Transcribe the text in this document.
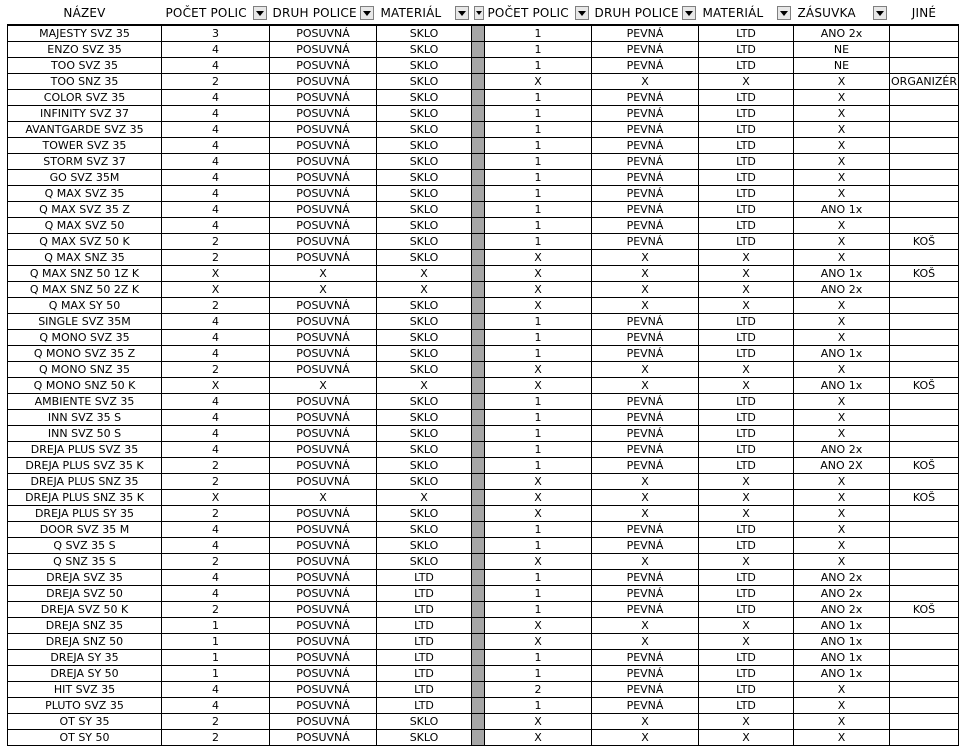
NÁZEV	POČET POLIC	DRUH POLICE	MATERIÁL		POČET POLIC	DRUH POLICE	MATERIÁL	ZÁSUVKA	JINÉ
MAJESTY SVZ 35	3	POSUVNÁ	SKLO		1	PEVNÁ	LTD	ANO 2x	
ENZO SVZ 35	4	POSUVNÁ	SKLO		1	PEVNÁ	LTD	NE	
TOO SVZ 35	4	POSUVNÁ	SKLO		1	PEVNÁ	LTD	NE	
TOO SNZ 35	2	POSUVNÁ	SKLO		X	X	X	X	ORGANIZÉR
COLOR SVZ 35	4	POSUVNÁ	SKLO		1	PEVNÁ	LTD	X	
INFINITY SVZ 37	4	POSUVNÁ	SKLO		1	PEVNÁ	LTD	X	
AVANTGARDE SVZ 35	4	POSUVNÁ	SKLO		1	PEVNÁ	LTD	X	
TOWER SVZ 35	4	POSUVNÁ	SKLO		1	PEVNÁ	LTD	X	
STORM SVZ 37	4	POSUVNÁ	SKLO		1	PEVNÁ	LTD	X	
GO SVZ 35M	4	POSUVNÁ	SKLO		1	PEVNÁ	LTD	X	
Q MAX SVZ 35	4	POSUVNÁ	SKLO		1	PEVNÁ	LTD	X	
Q MAX SVZ 35 Z	4	POSUVNÁ	SKLO		1	PEVNÁ	LTD	ANO 1x	
Q MAX SVZ 50	4	POSUVNÁ	SKLO		1	PEVNÁ	LTD	X	
Q MAX SVZ 50 K	2	POSUVNÁ	SKLO		1	PEVNÁ	LTD	X	KOŠ
Q MAX SNZ 35	2	POSUVNÁ	SKLO		X	X	X	X	
Q MAX SNZ 50 1Z K	X	X	X		X	X	X	ANO 1x	KOŠ
Q MAX SNZ 50 2Z K	X	X	X		X	X	X	ANO 2x	
Q MAX SY 50	2	POSUVNÁ	SKLO		X	X	X	X	
SINGLE SVZ 35M	4	POSUVNÁ	SKLO		1	PEVNÁ	LTD	X	
Q MONO SVZ 35	4	POSUVNÁ	SKLO		1	PEVNÁ	LTD	X	
Q MONO SVZ 35 Z	4	POSUVNÁ	SKLO		1	PEVNÁ	LTD	ANO 1x	
Q MONO SNZ 35	2	POSUVNÁ	SKLO		X	X	X	X	
Q MONO SNZ 50 K	X	X	X		X	X	X	ANO 1x	KOŠ
AMBIENTE SVZ 35	4	POSUVNÁ	SKLO		1	PEVNÁ	LTD	X	
INN SVZ 35 S	4	POSUVNÁ	SKLO		1	PEVNÁ	LTD	X	
INN SVZ 50 S	4	POSUVNÁ	SKLO		1	PEVNÁ	LTD	X	
DREJA PLUS SVZ 35	4	POSUVNÁ	SKLO		1	PEVNÁ	LTD	ANO 2x	
DREJA PLUS SVZ 35 K	2	POSUVNÁ	SKLO		1	PEVNÁ	LTD	ANO 2X	KOŠ
DREJA PLUS SNZ 35	2	POSUVNÁ	SKLO		X	X	X	X	
DREJA PLUS SNZ 35 K	X	X	X		X	X	X	X	KOŠ
DREJA PLUS SY 35	2	POSUVNÁ	SKLO		X	X	X	X	
DOOR SVZ 35 M	4	POSUVNÁ	SKLO		1	PEVNÁ	LTD	X	
Q SVZ 35 S	4	POSUVNÁ	SKLO		1	PEVNÁ	LTD	X	
Q SNZ 35 S	2	POSUVNÁ	SKLO		X	X	X	X	
DREJA SVZ 35	4	POSUVNÁ	LTD		1	PEVNÁ	LTD	ANO 2x	
DREJA SVZ 50	4	POSUVNÁ	LTD		1	PEVNÁ	LTD	ANO 2x	
DREJA SVZ 50 K	2	POSUVNÁ	LTD		1	PEVNÁ	LTD	ANO 2x	KOŠ
DREJA SNZ 35	1	POSUVNÁ	LTD		X	X	X	ANO 1x	
DREJA SNZ 50	1	POSUVNÁ	LTD		X	X	X	ANO 1x	
DREJA SY 35	1	POSUVNÁ	LTD		1	PEVNÁ	LTD	ANO 1x	
DREJA SY 50	1	POSUVNÁ	LTD		1	PEVNÁ	LTD	ANO 1x	
HIT SVZ 35	4	POSUVNÁ	LTD		2	PEVNÁ	LTD	X	
PLUTO SVZ 35	4	POSUVNÁ	LTD		1	PEVNÁ	LTD	X	
OT SY 35	2	POSUVNÁ	SKLO		X	X	X	X	
OT SY 50	2	POSUVNÁ	SKLO		X	X	X	X	
